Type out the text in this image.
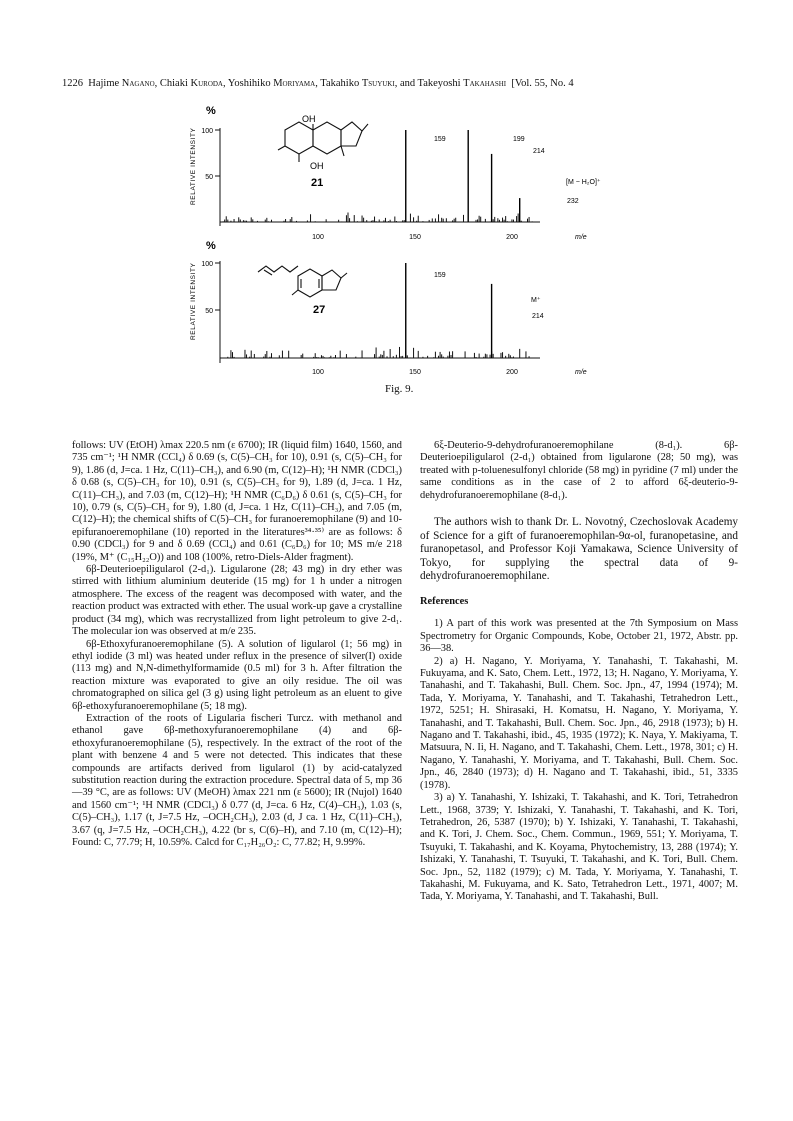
1226 Hajime Nagano, Chiaki Kuroda, Yoshihiko Moriyama, Takahiko Tsuyuki, and Takeyoshi Takahashi [Vol. 55, No. 4
%
RELATIVE INTENSITY 100
50
100	150	200	m/e
159	199
214
[M − H₂O]⁺
232
OH
OH
21
%
RELATIVE INTENSITY 100
50
100	150	200	m/e
159
M⁺
214
27
Fig. 9.

follows: UV (EtOH) λmax 220.5 nm (ε 6700); IR (liquid film) 1640, 1560, and 735 cm⁻¹; ¹H NMR (CCl₄) δ 0.69 (s, C(5)–CH₃ for 10), 0.91 (s, C(5)–CH₃ for 9), 1.86 (d, J=ca. 1 Hz, C(11)–CH₃), and 6.90 (m, C(12)–H); ¹H NMR (CDCl₃) δ 0.68 (s, C(5)–CH₃ for 10), 0.91 (s, C(5)–CH₃ for 9), 1.89 (d, J=ca. 1 Hz, C(11)–CH₃), and 7.03 (m, C(12)–H); ¹H NMR (C₆D₆) δ 0.61 (s, C(5)–CH₃ for 10), 0.79 (s, C(5)–CH₃ for 9), 1.80 (d, J=ca. 1 Hz, C(11)–CH₃), and 7.05 (m, C(12)–H); the chemical shifts of C(5)–CH₃ for furanoeremophilane (9) and 10-epifuranoeremophilane (10) reported in the literatures³⁴·³⁵⁾ are as follows: δ 0.90 (CDCl₃) for 9 and δ 0.69 (CCl₄) and 0.61 (C₆D₆) for 10; MS m/e 218 (19%, M⁺ (C₁₅H₂₂O)) and 108 (100%, retro-Diels-Alder fragment).

6β-Deuterioepiligularol (2-d₁). Ligularone (28; 43 mg) in dry ether was stirred with lithium aluminium deuteride (15 mg) for 1 h under a nitrogen atmosphere. The excess of the reagent was decomposed with water, and the reaction product was extracted with ether. The usual work-up gave a crystalline product (34 mg), which was recrystallized from light petroleum to give 2-d₁. The molecular ion was observed at m/e 235.

6β-Ethoxyfuranoeremophilane (5). A solution of ligularol (1; 56 mg) in ethyl iodide (3 ml) was heated under reflux in the presence of silver(I) oxide (113 mg) and N,N-dimethylformamide (0.5 ml) for 3 h. After filtration the reaction mixture was evaporated to give an oily residue. The oil was chromatographed on silica gel (3 g) using light petroleum as an eluent to give 6β-ethoxyfuranoeremophilane (5; 18 mg).

Extraction of the roots of Ligularia fischeri Turcz. with methanol and ethanol gave 6β-methoxyfuranoeremophilane (4) and 6β-ethoxyfuranoeremophilane (5), respectively. In the extract of the root of the plant with benzene 4 and 5 were not detected. This indicates that these compounds are artifacts derived from ligularol (1) by acid-catalyzed substitution reaction during the extraction procedure. Spectral data of 5, mp 36—39 °C, are as follows: UV (MeOH) λmax 221 nm (ε 5600); IR (Nujol) 1640 and 1560 cm⁻¹; ¹H NMR (CDCl₃) δ 0.77 (d, J=ca. 6 Hz, C(4)–CH₃), 1.03 (s, C(5)–CH₃), 1.17 (t, J=7.5 Hz, –OCH₂CH₃), 2.03 (d, J ca. 1 Hz, C(11)–CH₃), 3.67 (q, J=7.5 Hz, –OCH₂CH₃), 4.22 (br s, C(6)–H), and 7.10 (m, C(12)–H); Found: C, 77.79; H, 10.59%. Calcd for C₁₇H₂₆O₂: C, 77.82; H, 9.99%.

6ξ-Deuterio-9-dehydrofuranoeremophilane (8-d₁). 6β-Deuterioepiligularol (2-d₁) obtained from ligularone (28; 50 mg), was treated with p-toluenesulfonyl chloride (58 mg) in pyridine (7 ml) under the same conditions as in the case of 2 to afford 6ξ-deuterio-9-dehydrofuranoeremophilane (8-d₁).

The authors wish to thank Dr. L. Novotný, Czechoslovak Academy of Science for a gift of furanoeremophilan-9α-ol, furanopetasine, and furanopetasol, and Professor Koji Yamakawa, Science University of Tokyo, for supplying the spectral data of 9-dehydrofuranoeremophilane.

References

1) A part of this work was presented at the 7th Symposium on Mass Spectrometry for Organic Compounds, Kobe, October 21, 1972, Abstr. pp. 36—38.

2) a) H. Nagano, Y. Moriyama, Y. Tanahashi, T. Takahashi, M. Fukuyama, and K. Sato, Chem. Lett., 1972, 13; H. Nagano, Y. Moriyama, Y. Tanahashi, and T. Takahashi, Bull. Chem. Soc. Jpn., 47, 1994 (1974); M. Tada, Y. Moriyama, Y. Tanahashi, and T. Takahashi, Tetrahedron Lett., 1972, 5251; H. Shirasaki, H. Komatsu, H. Nagano, Y. Moriyama, Y. Tanahashi, and T. Takahashi, Bull. Chem. Soc. Jpn., 46, 2918 (1973); b) H. Nagano and T. Takahashi, ibid., 45, 1935 (1972); K. Naya, Y. Makiyama, T. Matsuura, N. Ii, H. Nagano, and T. Takahashi, Chem. Lett., 1978, 301; c) H. Nagano, Y. Tanahashi, Y. Moriyama, and T. Takahashi, Bull. Chem. Soc. Jpn., 46, 2840 (1973); d) H. Nagano and T. Takahashi, ibid., 51, 3335 (1978).

3) a) Y. Tanahashi, Y. Ishizaki, T. Takahashi, and K. Tori, Tetrahedron Lett., 1968, 3739; Y. Ishizaki, Y. Tanahashi, T. Takahashi, and K. Tori, Tetrahedron, 26, 5387 (1970); b) Y. Ishizaki, Y. Tanahashi, T. Takahashi, and K. Tori, J. Chem. Soc., Chem. Commun., 1969, 551; Y. Moriyama, T. Tsuyuki, T. Takahashi, and K. Koyama, Phytochemistry, 13, 288 (1974); Y. Ishizaki, Y. Tanahashi, T. Tsuyuki, T. Takahashi, and K. Tori, Bull. Chem. Soc. Jpn., 52, 1182 (1979); c) M. Tada, Y. Moriyama, Y. Tanahashi, T. Takahashi, M. Fukuyama, and K. Sato, Tetrahedron Lett., 1971, 4007; M. Tada, Y. Moriyama, Y. Tanahashi, and T. Takahashi, Bull.
